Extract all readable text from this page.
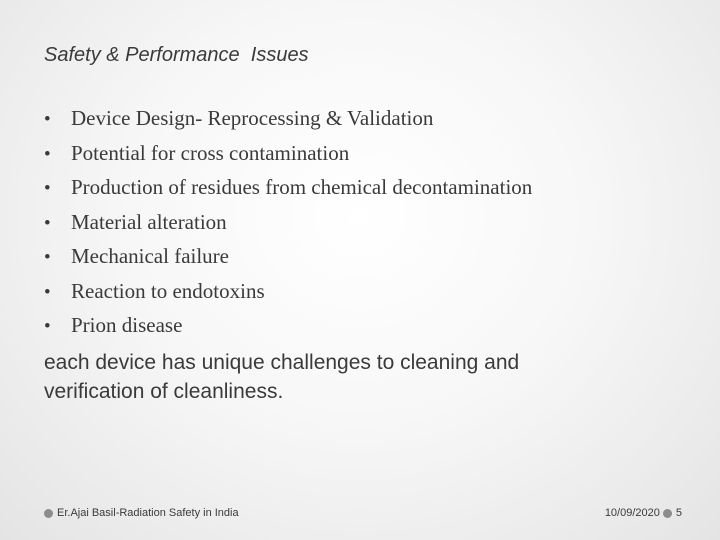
Safety & Performance  Issues
• Device Design- Reprocessing & Validation
• Potential for cross contamination
• Production of residues from chemical decontamination
• Material alteration
• Mechanical failure
• Reaction to endotoxins
• Prion disease
each device has unique challenges to cleaning and
verification of cleanliness.
Er.Ajai Basil-Radiation Safety in India	10/09/2020 5
